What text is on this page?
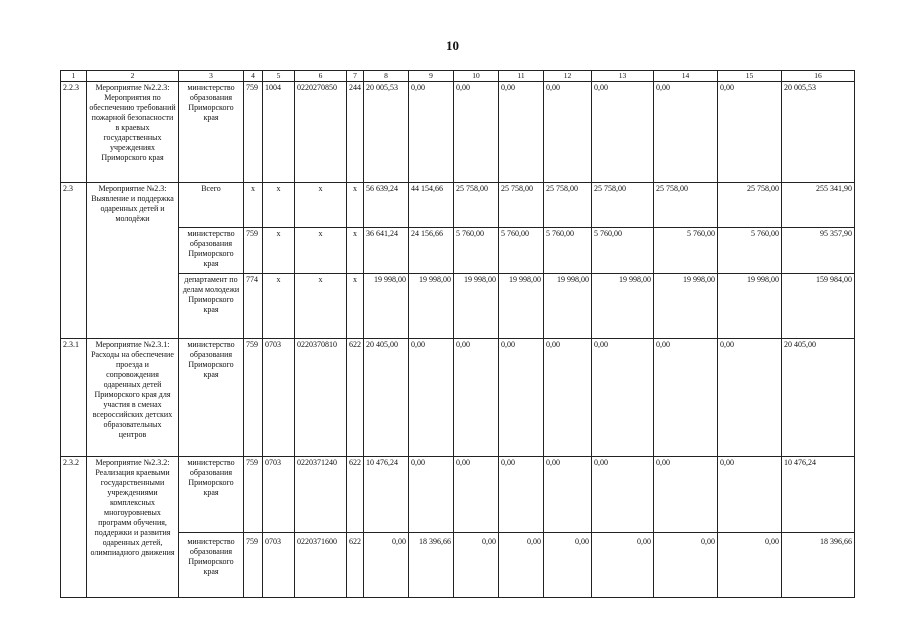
10
1	2	3	4	5	6	7	8	9	10	11	12	13	14	15	16
2.2.3	Мероприятие №2.2.3: Мероприятия по обеспечению требований пожарной безопасности в краевых государственных учреждениях Приморского края	министерство образования Приморского края	759	1004	0220270850	244	20 005,53	0,00	0,00	0,00	0,00	0,00	0,00	0,00	20 005,53
2.3	Мероприятие №2.3: Выявление и поддержка одаренных детей и молодёжи	Всего	x	x	x	x	56 639,24	44 154,66	25 758,00	25 758,00	25 758,00	25 758,00	25 758,00	25 758,00	255 341,90
		министерство образования Приморского края	759	x	x	x	36 641,24	24 156,66	5 760,00	5 760,00	5 760,00	5 760,00	5 760,00	5 760,00	95 357,90
		департамент по делам молодежи Приморского края	774	x	x	x	19 998,00	19 998,00	19 998,00	19 998,00	19 998,00	19 998,00	19 998,00	19 998,00	159 984,00
2.3.1	Мероприятие №2.3.1: Расходы на обеспечение проезда и сопровождения одаренных детей Приморского края для участия в сменах всероссийских детских образовательных центров	министерство образования Приморского края	759	0703	0220370810	622	20 405,00	0,00	0,00	0,00	0,00	0,00	0,00	0,00	20 405,00
2.3.2	Мероприятие №2.3.2: Реализация краевыми государственными учреждениями комплексных многоуровневых программ обучения, поддержки и развития одаренных детей, олимпиадного движения	министерство образования Приморского края	759	0703	0220371240	622	10 476,24	0,00	0,00	0,00	0,00	0,00	0,00	0,00	10 476,24
		министерство образования Приморского края	759	0703	0220371600	622	0,00	18 396,66	0,00	0,00	0,00	0,00	0,00	0,00	18 396,66
